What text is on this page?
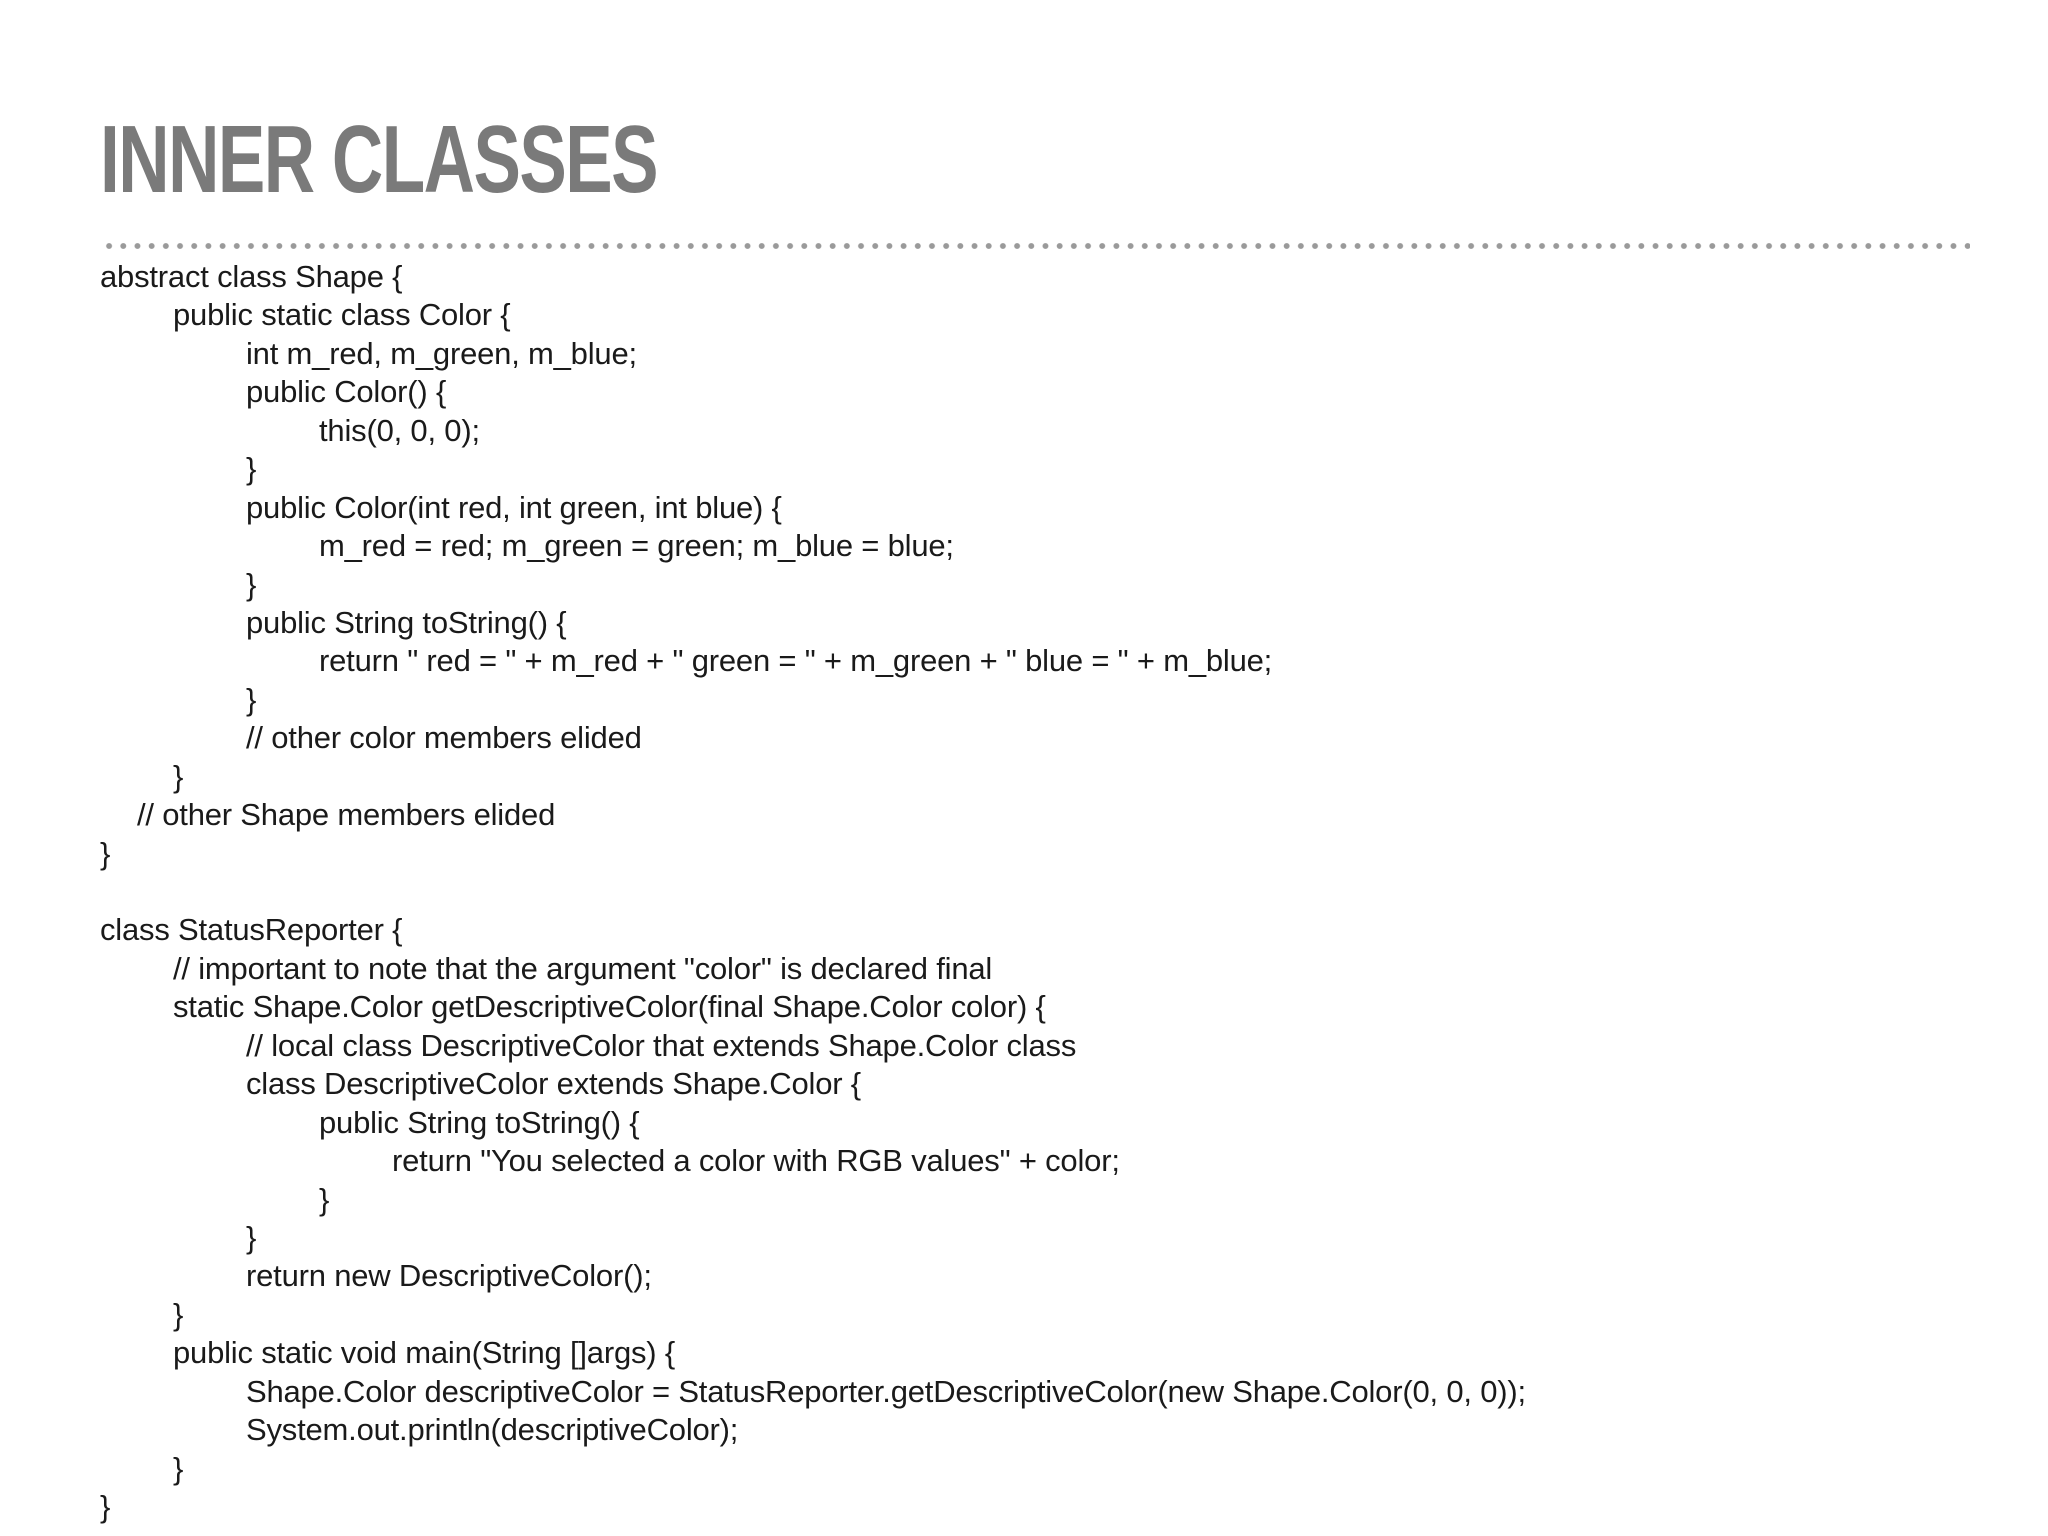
INNER CLASSES
abstract class Shape {
public static class Color {
int m_red, m_green, m_blue;
public Color() {
this(0, 0, 0);
}
public Color(int red, int green, int blue) {
m_red = red; m_green = green; m_blue = blue;
}
public String toString() {
return " red = " + m_red + " green = " + m_green + " blue = " + m_blue;
}
// other color members elided
}
// other Shape members elided
}
class StatusReporter {
// important to note that the argument "color" is declared final
static Shape.Color getDescriptiveColor(final Shape.Color color) {
// local class DescriptiveColor that extends Shape.Color class
class DescriptiveColor extends Shape.Color {
public String toString() {
return "You selected a color with RGB values" + color;
}
}
return new DescriptiveColor();
}
public static void main(String []args) {
Shape.Color descriptiveColor = StatusReporter.getDescriptiveColor(new Shape.Color(0, 0, 0));
System.out.println(descriptiveColor);
}
}
